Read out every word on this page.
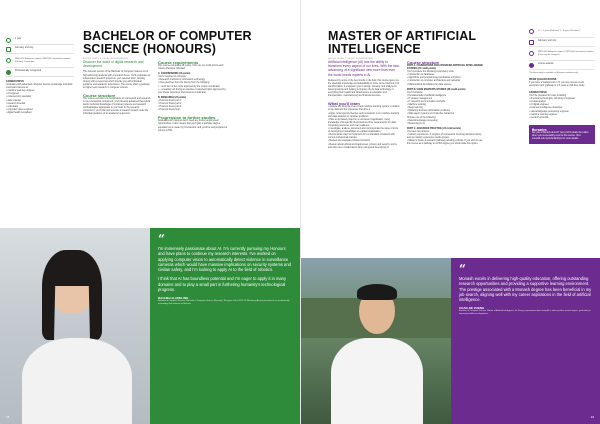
1 year
February and July
RM43,520 Malaysian student / RM52,800 International student (full-time) Course fees
Professionally recognised
CAREER PATHS
Graduates with advanced computer science knowledge and skills could start careers as:
• machine learning engineer
• AI engineer
• cybersecurity specialist
• data scientist
• research scientist
• consultant
• computer vision engineer
• digital health consultant.
BACHELOR OF COMPUTER SCIENCE (HONOURS)
MYCQF LEVEL 6 / MQA / REGISTRATION
Discover the world of digital research and development.
This honours version of the Bachelor of Computer Science is for high-achieving students with a research focus. You'll undertake an independent research project on your selected topic, working closely with a supervisor who'll provide you with individual guidance and academic supervision. The course offers a pathway to higher level research in computer science.
Course structure
This course consists of a combination of coursework and research. In the coursework component, you'll develop advanced theoretical and/or technical knowledge of computer science and research methodologies appropriate to your field. In the research component, you'll plan and execute a research project under the individual guidance of an academic supervisor.
Course requirements
This course comprises 48 points. Units are six credit points each unless otherwise indicated.
A. COURSEWORK (24 points)
You're required to complete:
• Research methods in information technology
• three electives from the faculty from the following:
• – level four or five units approved by the course coordinator
• – a reading unit during an elective or selected topics approved by your thesis supervisor and honours coordinator.
B. RESEARCH (24 points)
• Honours thesis part 1
• Honours thesis part 2
• Honours thesis part 3
• Honours thesis final
Progression to further studies
Graduates with honours won't need any further employment opportunities. It also means that you'll gain a pathway degree equivalent to a master by coursework, and you'll be well prepared to pursue a PhD.
“
I'm immensely passionate about AI. I'm currently pursuing my Honours and have plans to continue my research interests. I've worked on applying computer vision to automatically detect violence in surveillance cameras which would have massive implications on security systems and civilian safety, and I'm looking to apply AI to the field of robotics.
I think that AI has boundless potential and I'm eager to apply it in many domains and to play a small part in furthering humanity's technological progress.
RACHELLE ADELINE
Bachelor of Computer Science. Bachelor of Computer Science (Honours). Recipient of the 2023 CS Wandering Award; presented to an academically outstanding 3rd semester at Monash.
16
MASTER OF ARTIFICIAL INTELLIGENCE
MYCQF LEVEL 7 / MQA / REGISTRATION
Artificial intelligence (AI) has the ability to transform every aspect of our lives. With the fast-advancing of a significant new more than ever the world needs experts in AI.
Delivered by some of the best minds in the field, this course gives you the specialist knowledge and adaptability to move to the forefront of AI transformation. It empowers you to design, develop, and analyse AI-based products and helping to improve the AI data technology of everything from health and infrastructure to education and transportation, manufacturing and financial services.
What you'll learn
• Analyse the lifecycle of an AI and machine learning system in relation to the data and the processes that drive it
• Apply contemporary theories and innovations in AI, machine learning and data analytics to complex problems
• Plan an AI-based project in a new area of application, using knowledge of AI-specific theoretical and time requirements for data, computing resources and user readiness
• Investigate, analyse, document and communicate the value of tools of developing AI capabilities in a global organisation
• Demonstrate ways to implement AI to a standard consistent with current professional practice
• Review and evaluate AI-based products
• Reason about ethical and legal issues, privacy and security norms, and other key considerations when using and developing AI.
Course structure
PART A. FOUNDATIONS FOR ADVANCED ARTIFICIAL INTELLIGENCE STUDIES (24 credit points)
You'll complete the following compulsory units:
• Introduction to databases
• Algorithms and programming foundations in Python
• Introduction to computer architecture and networks
• Mathematical foundations for data science
PART B. CORE MASTER'S STUDIES (48 credit points)
You'll complete:
• Fundamentals of artificial intelligence
• IT project management
• IT research and innovation methods
• Machine learning
• Deep learning
• Modelling discrete optimisation problems
• Multi-agent systems and collective behaviour
Choose one of the following:
• Natural language processing
• Reasoning in AI
PART C. ADVANCED PRACTICE (24 credit points)
You have two options:
• Industry experience: A program of coursework involving advanced study and an industry experience studio project.
• Master's thesis: A research pathway including a thesis. If you wish to use this course as a pathway to a PhD degree you should take this option.
1.5 – 2 years (Full-time) 3 – 4 years (Part-time)*
February and July
RM92,000 Malaysian student / RM72,600 International student (Fees may be changed.)
Course awards
*Part-time study is available to Malaysian students only.
PRIOR QUALIFICATIONS
If you have a background in IT, you may receive credit exemption and graduate in 1.5 years on full-time study.
CAREER PATHS
You'll be prepared for roles including:
• chemical technologist, including AI engineer
• AI data analyst
• AI digital engineer
• business intelligence developer
• natural language processing engineer
• machine learning engineer
• research scientist.
Bursaries
Are you a Monash alumni? Get a 10% rebate the tuition when you successfully enrol to this course. Visit monash.edu.my/scholarships for more details.
“
Monash excels in delivering high-quality education, offering outstanding research opportunities and providing a supportive learning environment. The prestige associated with a Monash degree has been beneficial in my job search, aligning well with my career aspirations in the field of artificial intelligence.
CHAN JIE ZHENG
Bachelor of Computer Science. Master of Artificial Intelligence. Jie Zheng is passionate about using AI to make positive societal impact, particularly in improving healthcare diagnostics.
16
